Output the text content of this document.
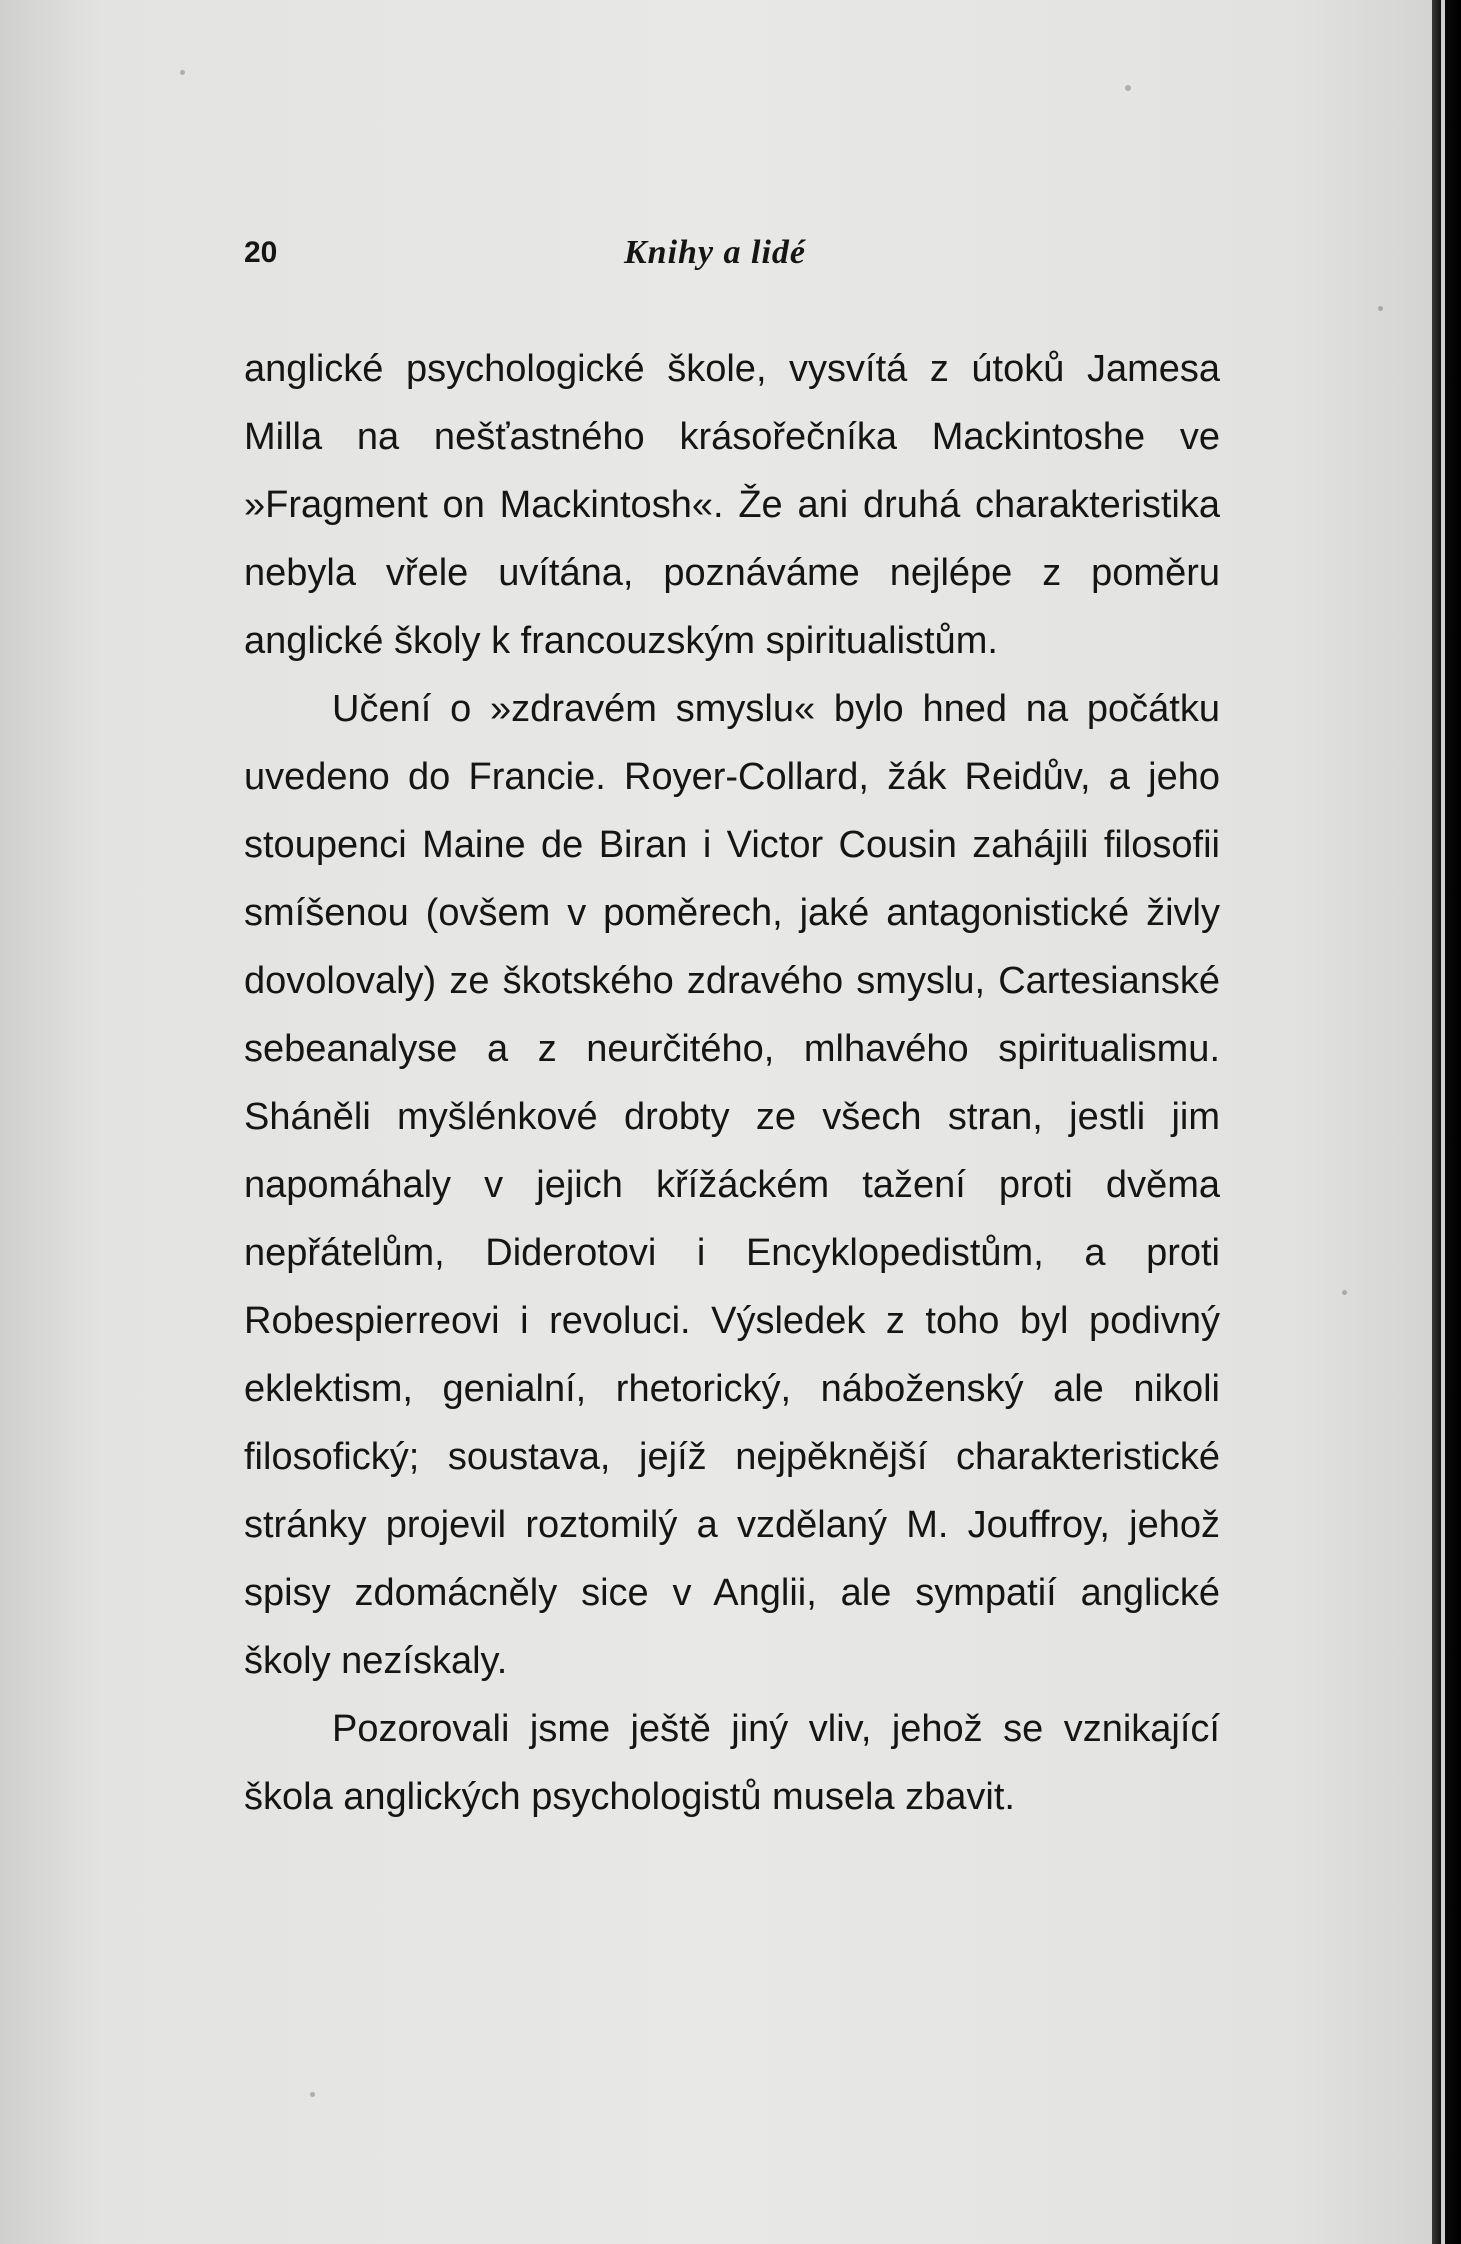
20	Knihy a lidé

anglické psychologické škole, vysvítá z útoků Jamesa Milla na nešťastného krásořečníka Mackintoshe ve »Fragment on Mackintosh«. Že ani druhá charakteristika nebyla vřele uvítána, poznáváme nejlépe z poměru anglické školy k francouzským spiritualistům.

Učení o »zdravém smyslu« bylo hned na počátku uvedeno do Francie. Royer-Collard, žák Reidův, a jeho stoupenci Maine de Biran i Victor Cousin zahájili filosofii smíšenou (ovšem v poměrech, jaké antagonistické živly dovolovaly) ze škotského zdravého smyslu, Cartesianské sebeanalyse a z neurčitého, mlhavého spiritualismu. Sháněli myšlénkové drobty ze všech stran, jestli jim napomáhaly v jejich křížáckém tažení proti dvěma nepřátelům, Diderotovi i Encyklopedistům, a proti Robespierreovi i revoluci. Výsledek z toho byl podivný eklektism, genialní, rhetorický, náboženský ale nikoli filosofický; soustava, jejíž nejpěknější charakteristické stránky projevil roztomilý a vzdělaný M. Jouffroy, jehož spisy zdomácněly sice v Anglii, ale sympatií anglické školy nezískaly.

Pozorovali jsme ještě jiný vliv, jehož se vznikající škola anglických psychologistů musela zbavit.
